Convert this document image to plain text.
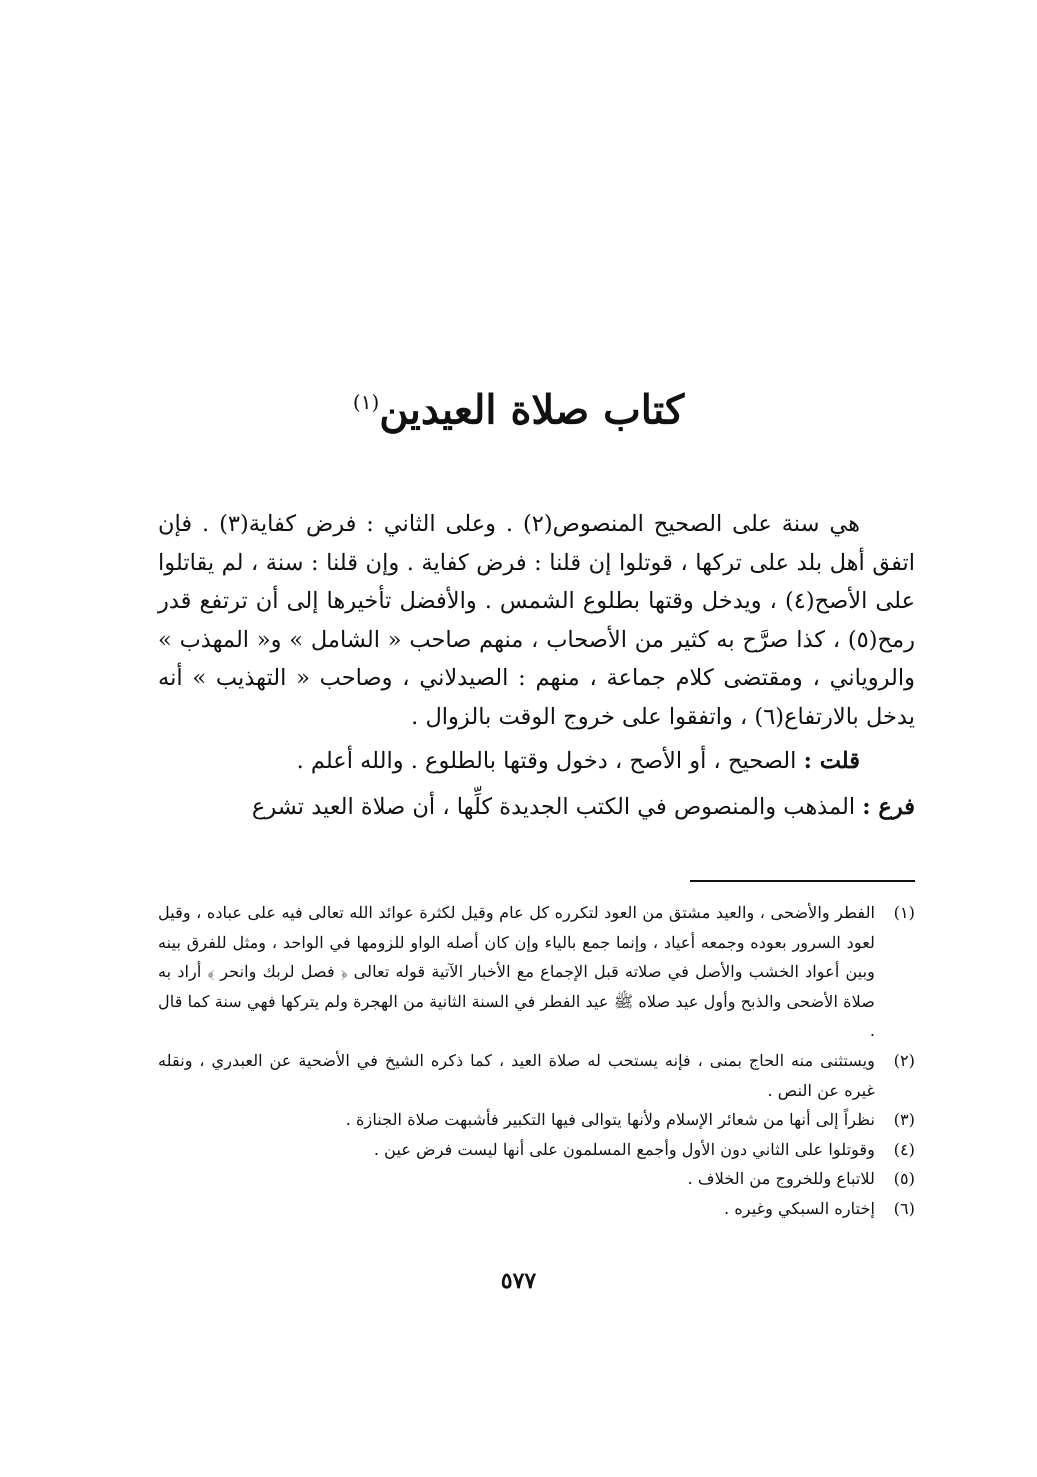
كتاب صلاة العيدين$^{(١)}$

هي سنة على الصحيح المنصوص(٢) . وعلى الثاني : فرض كفاية(٣) . فإن اتفق أهل بلد على تركها ، قوتلوا إن قلنا : فرض كفاية . وإن قلنا : سنة ، لم يقاتلوا على الأصح(٤) ، ويدخل وقتها بطلوع الشمس . والأفضل تأخيرها إلى أن ترتفع قدر رمح(٥) ، كذا صرَّح به كثير من الأصحاب ، منهم صاحب « الشامل » و« المهذب » والروياني ، ومقتضى كلام جماعة ، منهم : الصيدلاني ، وصاحب « التهذيب » أنه يدخل بالارتفاع(٦) ، واتفقوا على خروج الوقت بالزوال .

قلت : الصحيح ، أو الأصح ، دخول وقتها بالطلوع . والله أعلم .

فرع : المذهب والمنصوص في الكتب الجديدة كلِّها ، أن صلاة العيد تشرع

(١)
الفطر والأضحى ، والعيد مشتق من العود لتكرره كل عام وقيل لكثرة عوائد الله تعالى فيه على عباده ، وقيل لعود السرور بعوده وجمعه أعياد ، وإنما جمع بالياء وإن كان أصله الواو للزومها في الواحد ، ومثل للفرق بينه وبين أعواد الخشب والأصل في صلاته قبل الإجماع مع الأخبار الآتية قوله تعالى ﴿ فصل لربك وانحر ﴾ أراد به صلاة الأضحى والذبح وأول عيد صلاه ﷺ عيد الفطر في السنة الثانية من الهجرة ولم يتركها فهي سنة كما قال .
(٢)
ويستثنى منه الحاج بمنى ، فإنه يستحب له صلاة العيد ، كما ذكره الشيخ في الأضحية عن العبدري ، ونقله غيره عن النص .
(٣)
نظراً إلى أنها من شعائر الإسلام ولأنها يتوالى فيها التكبير فأشبهت صلاة الجنازة .
(٤)
وقوتلوا على الثاني دون الأول وأجمع المسلمون على أنها ليست فرض عين .
(٥)
للاتباع وللخروج من الخلاف .
(٦)
إختاره السبكي وغيره .
٥٧٧
